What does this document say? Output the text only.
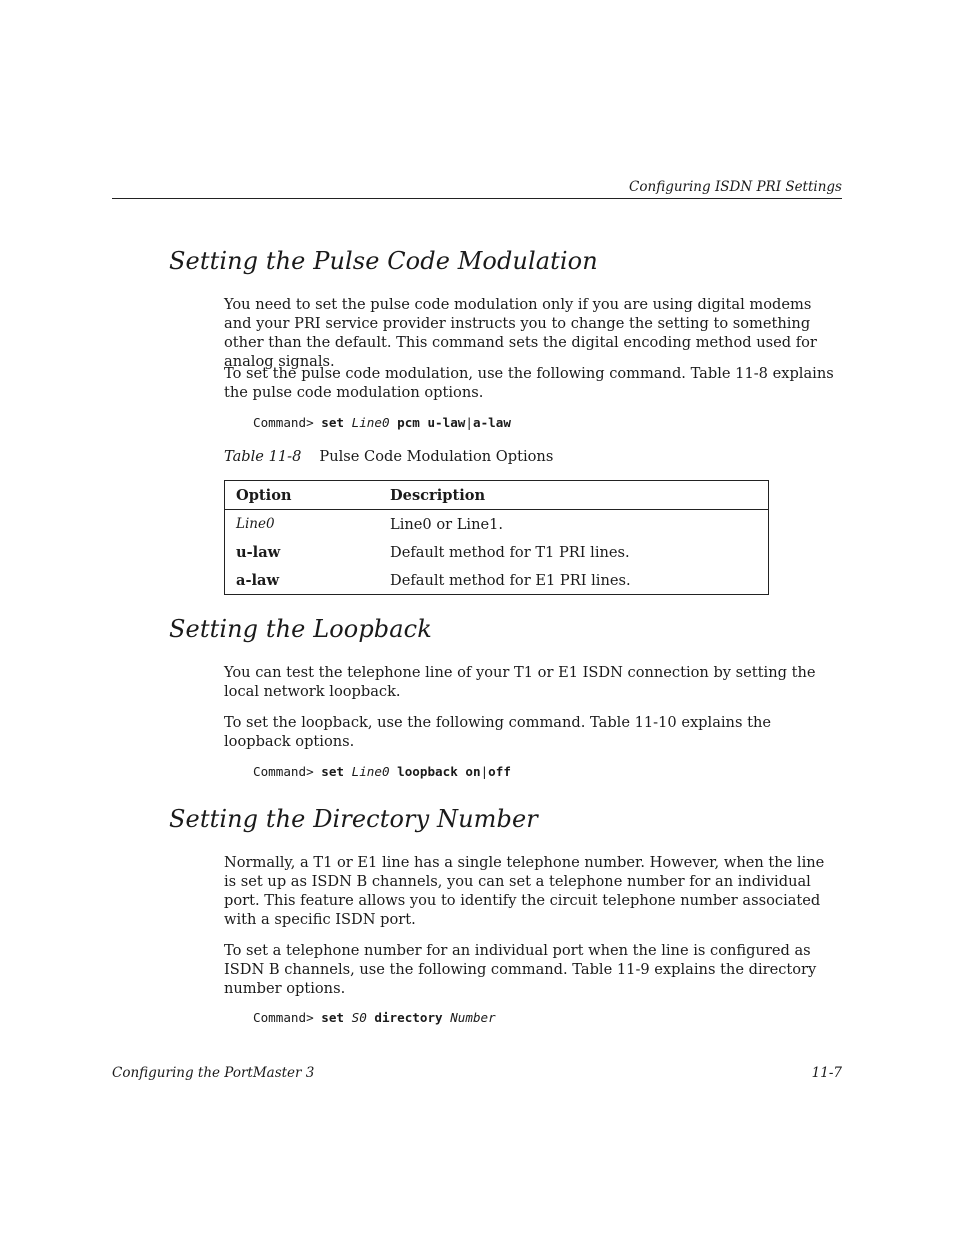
Configuring ISDN PRI Settings
Setting the Pulse Code Modulation

You need to set the pulse code modulation only if you are using digital modems and your PRI service provider instructs you to change the setting to something other than the default. This command sets the digital encoding method used for analog signals.

To set the pulse code modulation, use the following command. Table 11-8 explains the pulse code modulation options.

Command> set Line0 pcm u-law|a-law
Table 11-8 Pulse Code Modulation Options
Option	Description
Line0	Line0 or Line1.
u-law	Default method for T1 PRI lines.
a-law	Default method for E1 PRI lines.
Setting the Loopback

You can test the telephone line of your T1 or E1 ISDN connection by setting the local network loopback.

To set the loopback, use the following command. Table 11-10 explains the loopback options.

Command> set Line0 loopback on|off
Setting the Directory Number

Normally, a T1 or E1 line has a single telephone number. However, when the line is set up as ISDN B channels, you can set a telephone number for an individual port. This feature allows you to identify the circuit telephone number associated with a specific ISDN port.

To set a telephone number for an individual port when the line is configured as ISDN B channels, use the following command. Table 11-9 explains the directory number options.

Command> set S0 directory Number
Configuring the PortMaster 3	11-7
